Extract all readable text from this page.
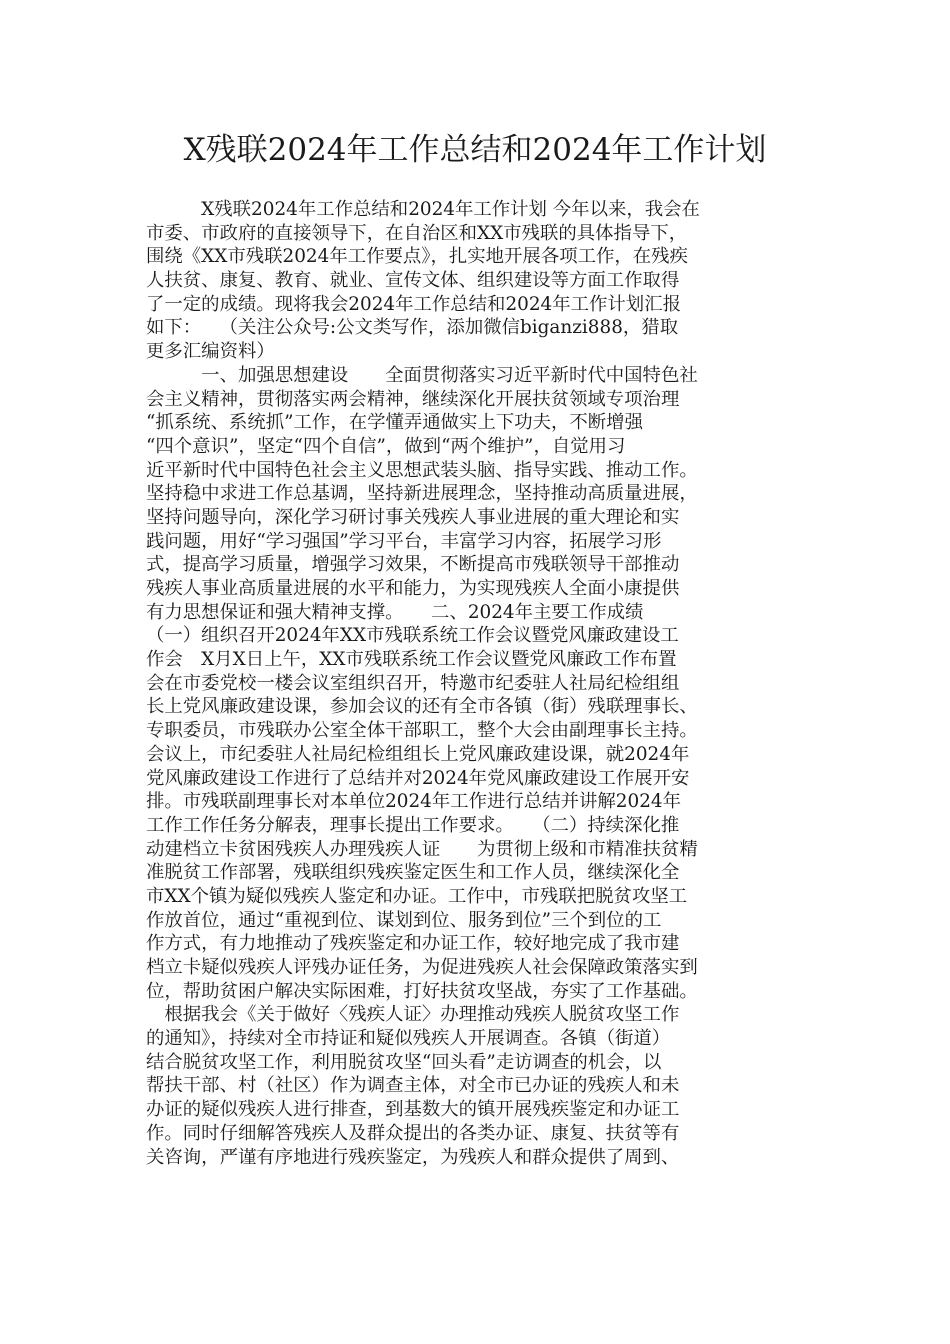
X残联2024年工作总结和2024年工作计划
　　　X残联2024年工作总结和2024年工作计划 今年以来，我会在
市委、市政府的直接领导下，在自治区和XX市残联的具体指导下，
围绕《XX市残联2024年工作要点》，扎实地开展各项工作，在残疾
人扶贫、康复、教育、就业、宣传文体、组织建设等方面工作取得
了一定的成绩。现将我会2024年工作总结和2024年工作计划汇报
如下：　　（关注公众号:公文类写作，添加微信biganzi888，猎取
更多汇编资料）
　　　一、加强思想建设　　全面贯彻落实习近平新时代中国特色社
会主义精神，贯彻落实两会精神，继续深化开展扶贫领域专项治理
“抓系统、系统抓”工作，在学懂弄通做实上下功夫，不断增强
“四个意识”，坚定“四个自信”，做到“两个维护”，自觉用习
近平新时代中国特色社会主义思想武装头脑、指导实践、推动工作。
坚持稳中求进工作总基调，坚持新进展理念，坚持推动高质量进展，
坚持问题导向，深化学习研讨事关残疾人事业进展的重大理论和实
践问题，用好“学习强国”学习平台，丰富学习内容，拓展学习形
式，提高学习质量，增强学习效果，不断提高市残联领导干部推动
残疾人事业高质量进展的水平和能力，为实现残疾人全面小康提供
有力思想保证和强大精神支撑。　　二、2024年主要工作成绩
（一）组织召开2024年XX市残联系统工作会议暨党风廉政建设工
作会　X月X日上午，XX市残联系统工作会议暨党风廉政工作布置
会在市委党校一楼会议室组织召开，特邀市纪委驻人社局纪检组组
长上党风廉政建设课，参加会议的还有全市各镇（街）残联理事长、
专职委员，市残联办公室全体干部职工，整个大会由副理事长主持。
会议上，市纪委驻人社局纪检组组长上党风廉政建设课，就2024年
党风廉政建设工作进行了总结并对2024年党风廉政建设工作展开安
排。市残联副理事长对本单位2024年工作进行总结并讲解2024年
工作工作任务分解表，理事长提出工作要求。　　（二）持续深化推
动建档立卡贫困残疾人办理残疾人证　　为贯彻上级和市精准扶贫精
准脱贫工作部署，残联组织残疾鉴定医生和工作人员，继续深化全
市XX个镇为疑似残疾人鉴定和办证。工作中，市残联把脱贫攻坚工
作放首位，通过“重视到位、谋划到位、服务到位”三个到位的工
作方式，有力地推动了残疾鉴定和办证工作，较好地完成了我市建
档立卡疑似残疾人评残办证任务，为促进残疾人社会保障政策落实到
位，帮助贫困户解决实际困难，打好扶贫攻坚战，夯实了工作基础。
　根据我会《关于做好〈残疾人证〉办理推动残疾人脱贫攻坚工作
的通知》，持续对全市持证和疑似残疾人开展调查。各镇（街道）
结合脱贫攻坚工作，利用脱贫攻坚“回头看”走访调查的机会，以
帮扶干部、村（社区）作为调查主体，对全市已办证的残疾人和未
办证的疑似残疾人进行排查，到基数大的镇开展残疾鉴定和办证工
作。同时仔细解答残疾人及群众提出的各类办证、康复、扶贫等有
关咨询，严谨有序地进行残疾鉴定，为残疾人和群众提供了周到、
